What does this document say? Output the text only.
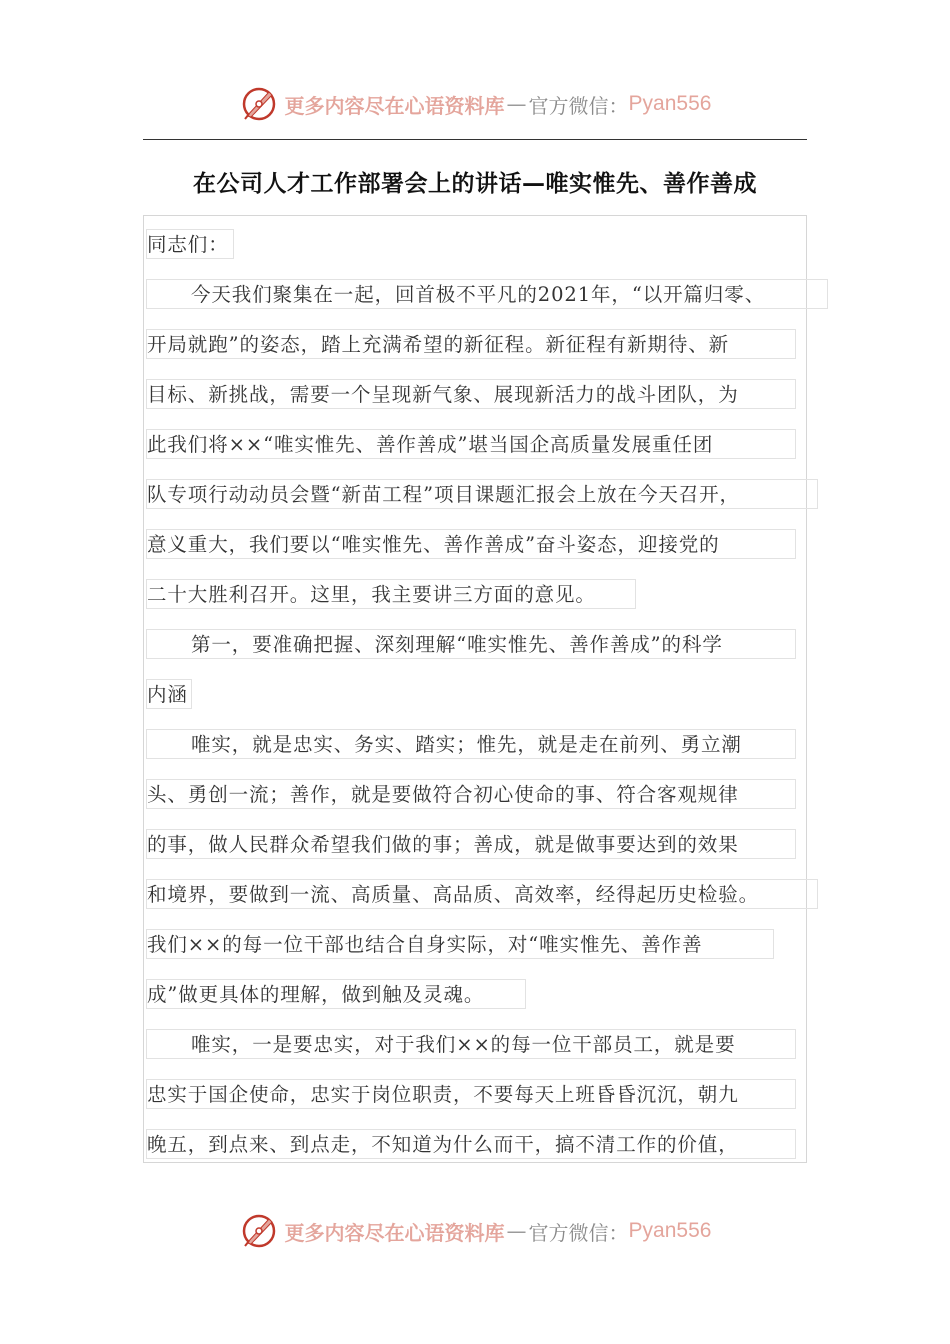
更多内容尽在心语资料库 — 官方微信： Pyan556
在公司人才工作部署会上的讲话—唯实惟先、善作善成
同志们：
今天我们聚集在一起，回首极不平凡的2021年，“以开篇归零、
开局就跑”的姿态，踏上充满希望的新征程。新征程有新期待、新
目标、新挑战，需要一个呈现新气象、展现新活力的战斗团队，为
此我们将××“唯实惟先、善作善成”堪当国企高质量发展重任团
队专项行动动员会暨“新苗工程”项目课题汇报会上放在今天召开，
意义重大，我们要以“唯实惟先、善作善成”奋斗姿态，迎接党的
二十大胜利召开。这里，我主要讲三方面的意见。
第一，要准确把握、深刻理解“唯实惟先、善作善成”的科学
内涵
唯实，就是忠实、务实、踏实；惟先，就是走在前列、勇立潮
头、勇创一流；善作，就是要做符合初心使命的事、符合客观规律
的事，做人民群众希望我们做的事；善成，就是做事要达到的效果
和境界，要做到一流、高质量、高品质、高效率，经得起历史检验。
我们××的每一位干部也结合自身实际，对“唯实惟先、善作善
成”做更具体的理解，做到触及灵魂。
唯实，一是要忠实，对于我们××的每一位干部员工，就是要
忠实于国企使命，忠实于岗位职责，不要每天上班昏昏沉沉，朝九
晚五，到点来、到点走，不知道为什么而干，搞不清工作的价值，
更多内容尽在心语资料库 — 官方微信： Pyan556
